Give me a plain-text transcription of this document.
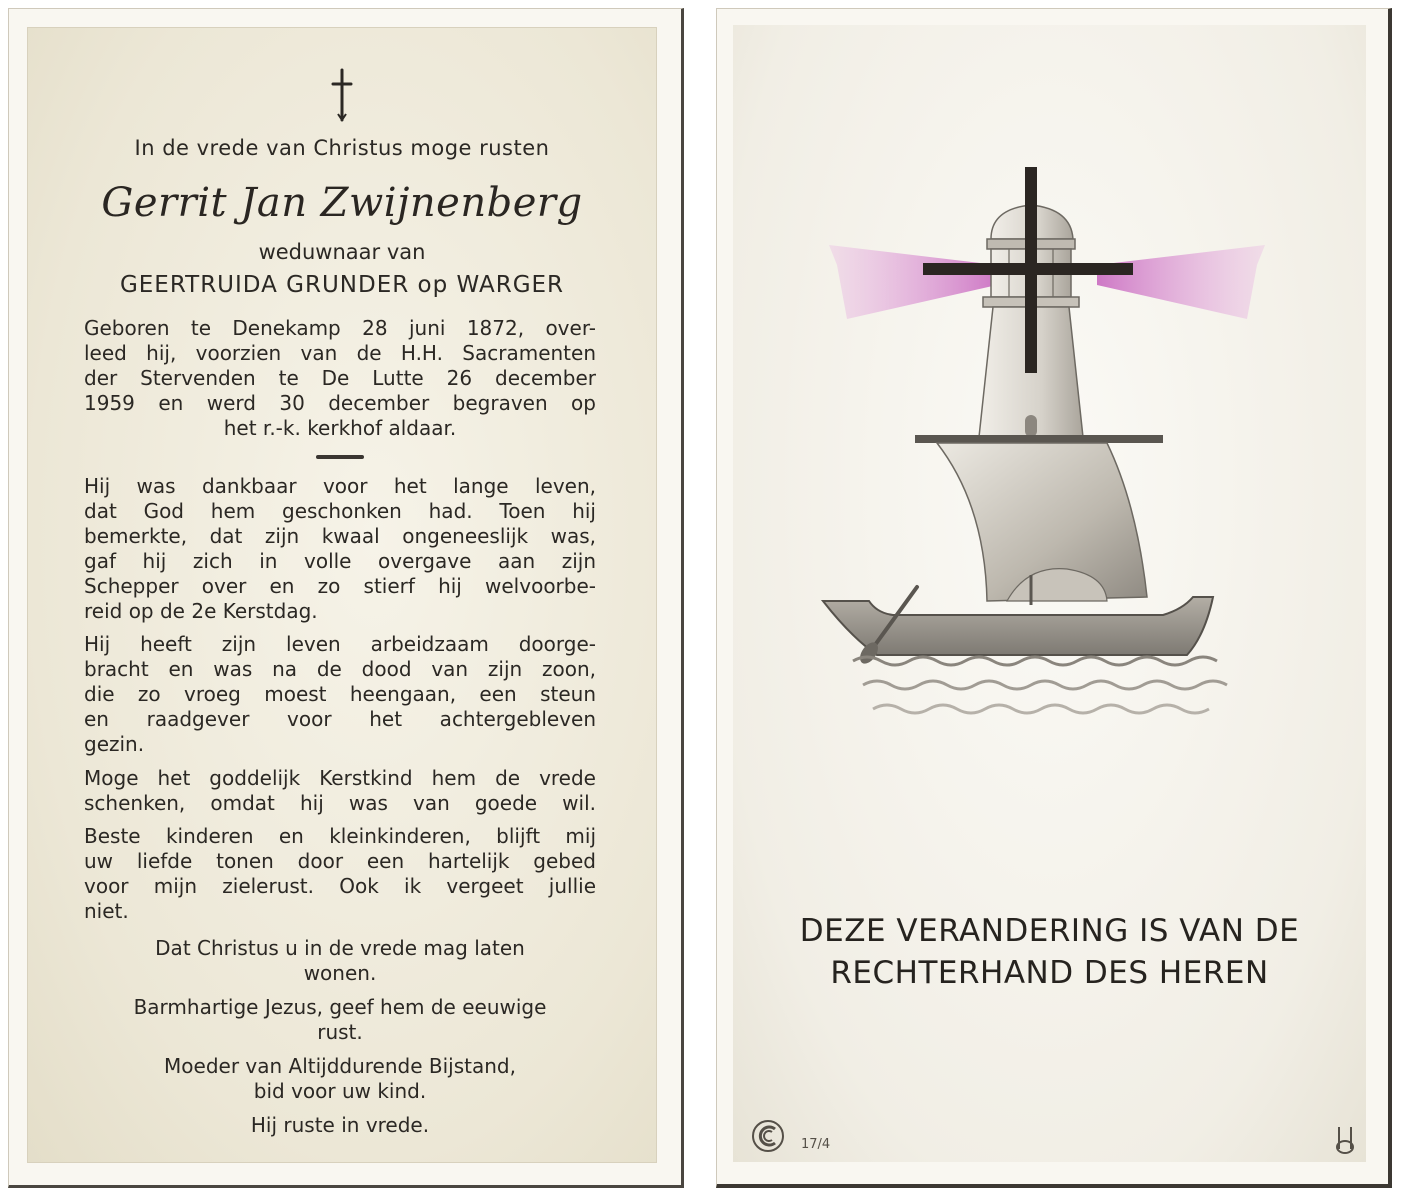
In de vrede van Christus moge rusten
Gerrit Jan Zwijnenberg
weduwnaar van
GEERTRUIDA GRUNDER op WARGER
Geboren te Denekamp 28 juni 1872, over-
leed hij, voorzien van de H.H. Sacramenten
der Stervenden te De Lutte 26 december
1959 en werd 30 december begraven op
het r.-k. kerkhof aldaar.
Hij was dankbaar voor het lange leven,
dat God hem geschonken had. Toen hij
bemerkte, dat zijn kwaal ongeneeslijk was,
gaf hij zich in volle overgave aan zijn
Schepper over en zo stierf hij welvoorbe-
reid op de 2e Kerstdag.
Hij heeft zijn leven arbeidzaam doorge-
bracht en was na de dood van zijn zoon,
die zo vroeg moest heengaan, een steun
en raadgever voor het achtergebleven
gezin.
Moge het goddelijk Kerstkind hem de vrede
schenken, omdat hij was van goede wil.
Beste kinderen en kleinkinderen, blijft mij
uw liefde tonen door een hartelijk gebed
voor mijn zielerust. Ook ik vergeet jullie
niet.
Dat Christus u in de vrede mag laten
wonen.
Barmhartige Jezus, geef hem de eeuwige
rust.
Moeder van Altijddurende Bijstand,
bid voor uw kind.
Hij ruste in vrede.
DEZE VERANDERING IS VAN DE
RECHTERHAND DES HEREN
17/4
